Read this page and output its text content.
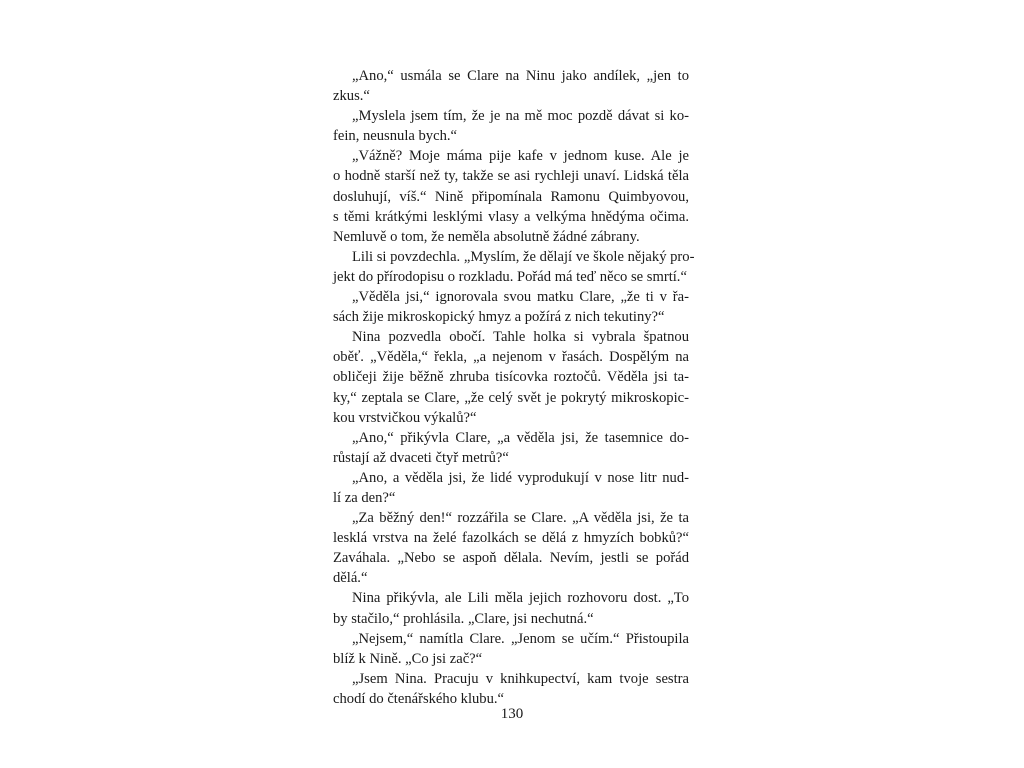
„Ano,“ usmála se Clare na Ninu jako andílek, „jen to
zkus.“
„Myslela jsem tím, že je na mě moc pozdě dávat si ko-
fein, neusnula bych.“
„Vážně? Moje máma pije kafe v jednom kuse. Ale je
o hodně starší než ty, takže se asi rychleji unaví. Lidská těla
dosluhují, víš.“ Nině připomínala Ramonu Quimbyovou,
s těmi krátkými lesklými vlasy a velkýma hnědýma očima.
Nemluvě o tom, že neměla absolutně žádné zábrany.
Lili si povzdechla. „Myslím, že dělají ve škole nějaký pro-
jekt do přírodopisu o rozkladu. Pořád má teď něco se smrtí.“
„Věděla jsi,“ ignorovala svou matku Clare, „že ti v řa-
sách žije mikroskopický hmyz a požírá z nich tekutiny?“
Nina pozvedla obočí. Tahle holka si vybrala špatnou
oběť. „Věděla,“ řekla, „a nejenom v řasách. Dospělým na
obličeji žije běžně zhruba tisícovka roztočů. Věděla jsi ta-
ky,“ zeptala se Clare, „že celý svět je pokrytý mikroskopic-
kou vrstvičkou výkalů?“
„Ano,“ přikývla Clare, „a věděla jsi, že tasemnice do-
růstají až dvaceti čtyř metrů?“
„Ano, a věděla jsi, že lidé vyprodukují v nose litr nud-
lí za den?“
„Za běžný den!“ rozzářila se Clare. „A věděla jsi, že ta
lesklá vrstva na želé fazolkách se dělá z hmyzích bobků?“
Zaváhala. „Nebo se aspoň dělala. Nevím, jestli se pořád
dělá.“
Nina přikývla, ale Lili měla jejich rozhovoru dost. „To
by stačilo,“ prohlásila. „Clare, jsi nechutná.“
„Nejsem,“ namítla Clare. „Jenom se učím.“ Přistoupila
blíž k Nině. „Co jsi zač?“
„Jsem Nina. Pracuju v knihkupectví, kam tvoje sestra
chodí do čtenářského klubu.“
130
